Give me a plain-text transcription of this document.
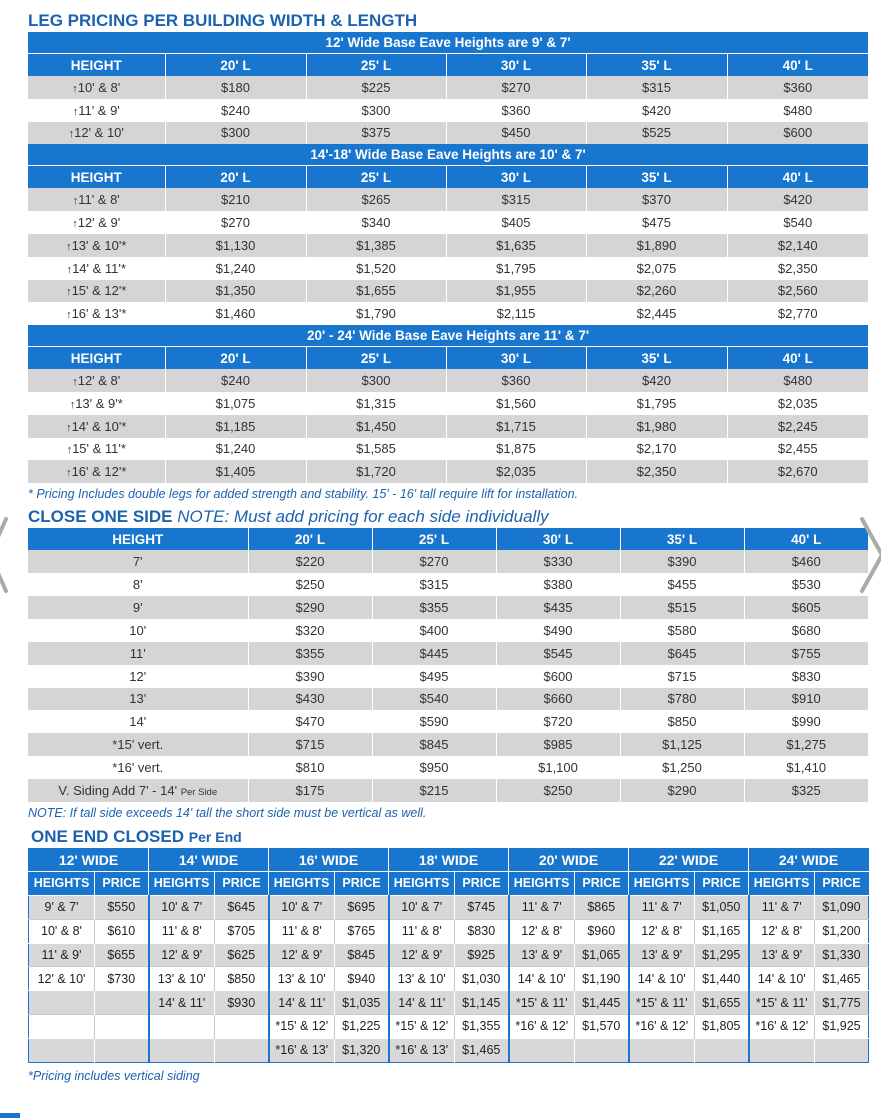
LEG PRICING PER BUILDING WIDTH & LENGTH
12' Wide Base Eave Heights are 9' & 7'					
HEIGHT	20' L	25' L	30' L	35' L	40' L
↑10' & 8'	$180	$225	$270	$315	$360
↑11' & 9'	$240	$300	$360	$420	$480
↑12' & 10'	$300	$375	$450	$525	$600
14'-18' Wide Base Eave Heights are 10' & 7'					
HEIGHT	20' L	25' L	30' L	35' L	40' L
↑11' & 8'	$210	$265	$315	$370	$420
↑12' & 9'	$270	$340	$405	$475	$540
↑13' & 10'*	$1,130	$1,385	$1,635	$1,890	$2,140
↑14' & 11'*	$1,240	$1,520	$1,795	$2,075	$2,350
↑15' & 12'*	$1,350	$1,655	$1,955	$2,260	$2,560
↑16' & 13'*	$1,460	$1,790	$2,115	$2,445	$2,770
20' - 24' Wide Base Eave Heights are 11' & 7'					
HEIGHT	20' L	25' L	30' L	35' L	40' L
↑12' & 8'	$240	$300	$360	$420	$480
↑13' & 9'*	$1,075	$1,315	$1,560	$1,795	$2,035
↑14' & 10'*	$1,185	$1,450	$1,715	$1,980	$2,245
↑15' & 11'*	$1,240	$1,585	$1,875	$2,170	$2,455
↑16' & 12'*	$1,405	$1,720	$2,035	$2,350	$2,670
* Pricing Includes double legs for added strength and stability. 15' - 16' tall require lift for installation.
CLOSE ONE SIDE NOTE: Must add pricing for each side individually
HEIGHT	20' L	25' L	30' L	35' L	40' L
7'	$220	$270	$330	$390	$460
8'	$250	$315	$380	$455	$530
9'	$290	$355	$435	$515	$605
10'	$320	$400	$490	$580	$680
11'	$355	$445	$545	$645	$755
12'	$390	$495	$600	$715	$830
13'	$430	$540	$660	$780	$910
14'	$470	$590	$720	$850	$990
*15' vert.	$715	$845	$985	$1,125	$1,275
*16' vert.	$810	$950	$1,100	$1,250	$1,410
V. Siding Add 7' - 14' Per Side	$175	$215	$250	$290	$325
NOTE: If tall side exceeds 14' tall the short side must be vertical as well.
ONE END CLOSED Per End
12' WIDE		14' WIDE		16' WIDE		18' WIDE		20' WIDE		22' WIDE		24' WIDE	
HEIGHTS	PRICE	HEIGHTS	PRICE	HEIGHTS	PRICE	HEIGHTS	PRICE	HEIGHTS	PRICE	HEIGHTS	PRICE	HEIGHTS	PRICE
9' & 7'	$550	10' & 7'	$645	10' & 7'	$695	10' & 7'	$745	11' & 7'	$865	11' & 7'	$1,050	11' & 7'	$1,090
10' & 8'	$610	11' & 8'	$705	11' & 8'	$765	11' & 8'	$830	12' & 8'	$960	12' & 8'	$1,165	12' & 8'	$1,200
11' & 9'	$655	12' & 9'	$625	12' & 9'	$845	12' & 9'	$925	13' & 9'	$1,065	13' & 9'	$1,295	13' & 9'	$1,330
12' & 10'	$730	13' & 10'	$850	13' & 10'	$940	13' & 10'	$1,030	14' & 10'	$1,190	14' & 10'	$1,440	14' & 10'	$1,465
		14' & 11'	$930	14' & 11'	$1,035	14' & 11'	$1,145	*15' & 11'	$1,445	*15' & 11'	$1,655	*15' & 11'	$1,775
				*15' & 12'	$1,225	*15' & 12'	$1,355	*16' & 12'	$1,570	*16' & 12'	$1,805	*16' & 12'	$1,925
				*16' & 13'	$1,320	*16' & 13'	$1,465						
*Pricing includes vertical siding
